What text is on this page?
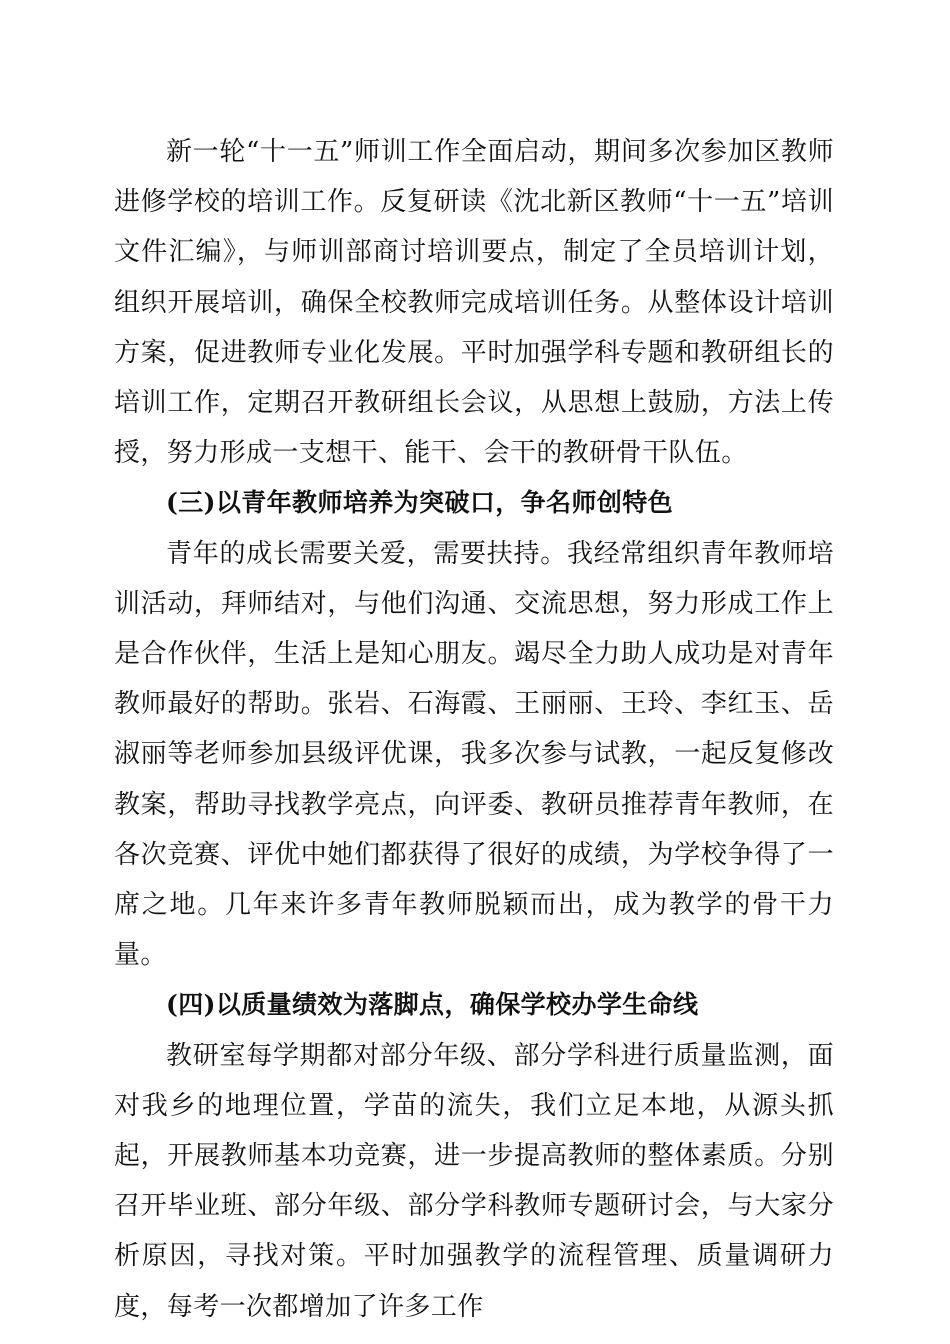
新一轮“十一五”师训工作全面启动，期间多次参加区教师进修学校的培训工作。反复研读《沈北新区教师“十一五”培训文件汇编》，与师训部商讨培训要点，制定了全员培训计划，组织开展培训，确保全校教师完成培训任务。从整体设计培训方案，促进教师专业化发展。平时加强学科专题和教研组长的培训工作，定期召开教研组长会议，从思想上鼓励，方法上传授，努力形成一支想干、能干、会干的教研骨干队伍。

(三)以青年教师培养为突破口，争名师创特色

青年的成长需要关爱，需要扶持。我经常组织青年教师培训活动，拜师结对，与他们沟通、交流思想，努力形成工作上是合作伙伴，生活上是知心朋友。竭尽全力助人成功是对青年教师最好的帮助。张岩、石海霞、王丽丽、王玲、李红玉、岳淑丽等老师参加县级评优课，我多次参与试教，一起反复修改教案，帮助寻找教学亮点，向评委、教研员推荐青年教师，在各次竞赛、评优中她们都获得了很好的成绩，为学校争得了一席之地。几年来许多青年教师脱颖而出，成为教学的骨干力量。

(四)以质量绩效为落脚点，确保学校办学生命线

教研室每学期都对部分年级、部分学科进行质量监测，面对我乡的地理位置，学苗的流失，我们立足本地，从源头抓起，开展教师基本功竞赛，进一步提高教师的整体素质。分别召开毕业班、部分年级、部分学科教师专题研讨会，与大家分析原因，寻找对策。平时加强教学的流程管理、质量调研力度，每考一次都增加了许多工作
